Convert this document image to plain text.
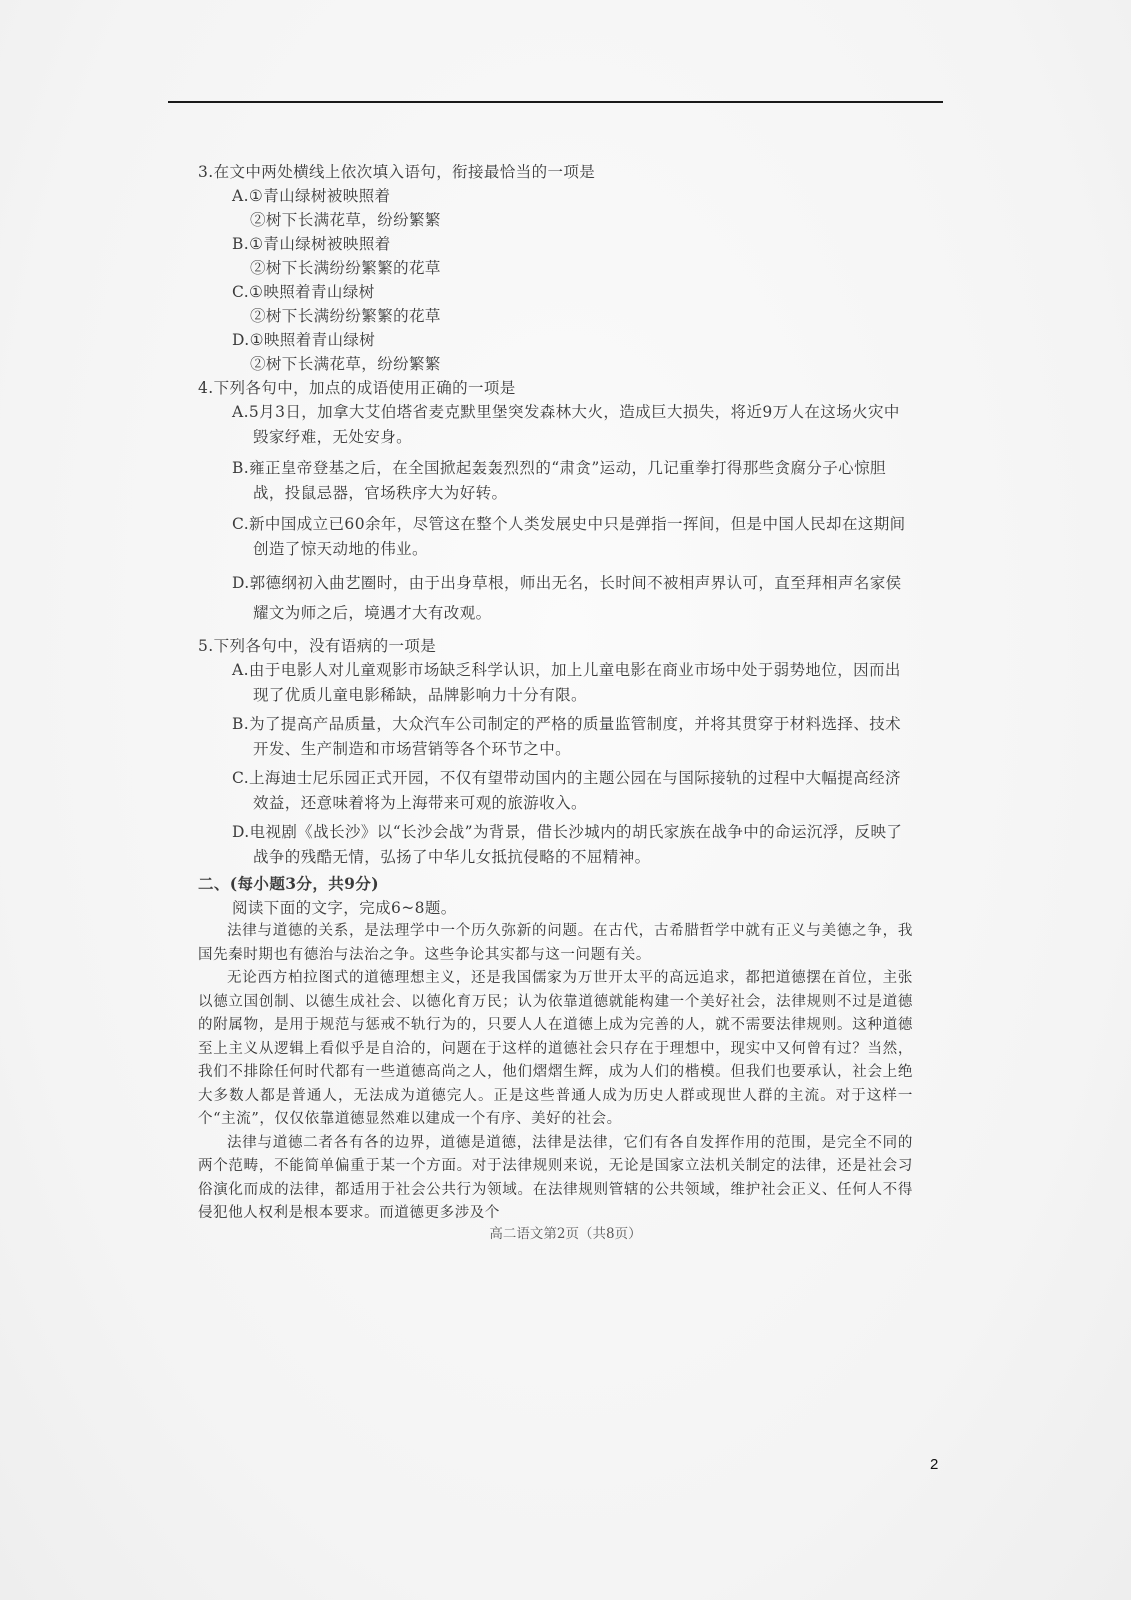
3.在文中两处横线上依次填入语句，衔接最恰当的一项是

A.①青山绿树被映照着
②树下长满花草，纷纷繁繁
B.①青山绿树被映照着
②树下长满纷纷繁繁的花草
C.①映照着青山绿树
②树下长满纷纷繁繁的花草
D.①映照着青山绿树
②树下长满花草，纷纷繁繁

4.下列各句中，加点的成语使用正确的一项是

A.5月3日，加拿大艾伯塔省麦克默里堡突发森林大火，造成巨大损失，将近9万人在这场火灾中毁家纾难，无处安身。

B.雍正皇帝登基之后，在全国掀起轰轰烈烈的“肃贪”运动，几记重拳打得那些贪腐分子心惊胆战，投鼠忌器，官场秩序大为好转。

C.新中国成立已60余年，尽管这在整个人类发展史中只是弹指一挥间，但是中国人民却在这期间创造了惊天动地的伟业。

D.郭德纲初入曲艺圈时，由于出身草根，师出无名，长时间不被相声界认可，直至拜相声名家侯耀文为师之后，境遇才大有改观。

5.下列各句中，没有语病的一项是

A.由于电影人对儿童观影市场缺乏科学认识，加上儿童电影在商业市场中处于弱势地位，因而出现了优质儿童电影稀缺，品牌影响力十分有限。

B.为了提高产品质量，大众汽车公司制定的严格的质量监管制度，并将其贯穿于材料选择、技术开发、生产制造和市场营销等各个环节之中。

C.上海迪士尼乐园正式开园，不仅有望带动国内的主题公园在与国际接轨的过程中大幅提高经济效益，还意味着将为上海带来可观的旅游收入。

D.电视剧《战长沙》以“长沙会战”为背景，借长沙城内的胡氏家族在战争中的命运沉浮，反映了战争的残酷无情，弘扬了中华儿女抵抗侵略的不屈精神。

二、(每小题3分，共9分)
阅读下面的文字，完成6~8题。

法律与道德的关系，是法理学中一个历久弥新的问题。在古代，古希腊哲学中就有正义与美德之争，我国先秦时期也有德治与法治之争。这些争论其实都与这一问题有关。

无论西方柏拉图式的道德理想主义，还是我国儒家为万世开太平的高远追求，都把道德摆在首位，主张以德立国创制、以德生成社会、以德化育万民；认为依靠道德就能构建一个美好社会，法律规则不过是道德的附属物，是用于规范与惩戒不轨行为的，只要人人在道德上成为完善的人，就不需要法律规则。这种道德至上主义从逻辑上看似乎是自洽的，问题在于这样的道德社会只存在于理想中，现实中又何曾有过？当然，我们不排除任何时代都有一些道德高尚之人，他们熠熠生辉，成为人们的楷模。但我们也要承认，社会上绝大多数人都是普通人，无法成为道德完人。正是这些普通人成为历史人群或现世人群的主流。对于这样一个“主流”，仅仅依靠道德显然难以建成一个有序、美好的社会。

法律与道德二者各有各的边界，道德是道德，法律是法律，它们有各自发挥作用的范围，是完全不同的两个范畴，不能简单偏重于某一个方面。对于法律规则来说，无论是国家立法机关制定的法律，还是社会习俗演化而成的法律，都适用于社会公共行为领域。在法律规则管辖的公共领域，维护社会正义、任何人不得侵犯他人权利是根本要求。而道德更多涉及个

高二语文第2页（共8页）
2
